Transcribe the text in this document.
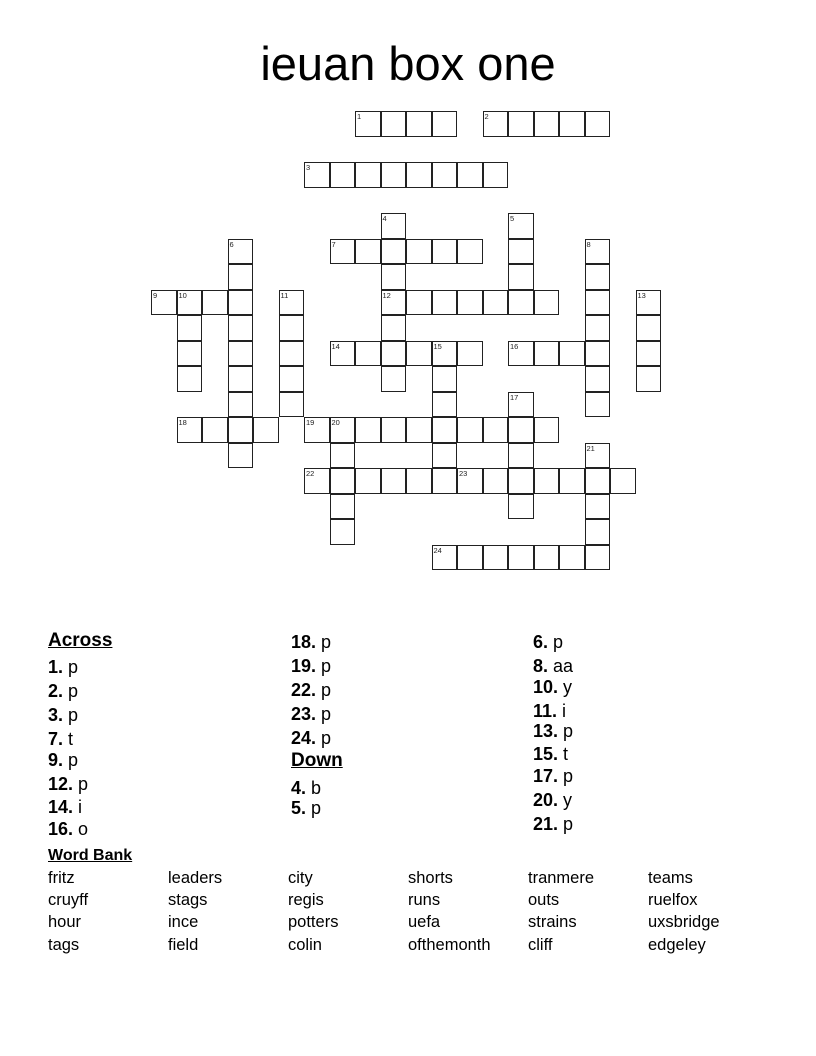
ieuan box one
1	2
3
4
12
5
6	7	8
9	10	11	13
14	15	16
17
18	19 20
21
22	23
24
Across
1. p
2. p
3. p
7. t
9. p
12. p
14. i
16. o
18. p
19. p
22. p
23. p
24. p
Down
4. b
5. p
6. p
8. aa
10. y
11. i
13. p
15. t
17. p
20. y
21. p
Word Bank
fritz	leaders	city	shorts	tranmere	teams
cruyff	stags	regis	runs	outs	ruelfox
hour	ince	potters	uefa	strains	uxsbridge
tags	field	colin	ofthemonth cliff	edgeley
